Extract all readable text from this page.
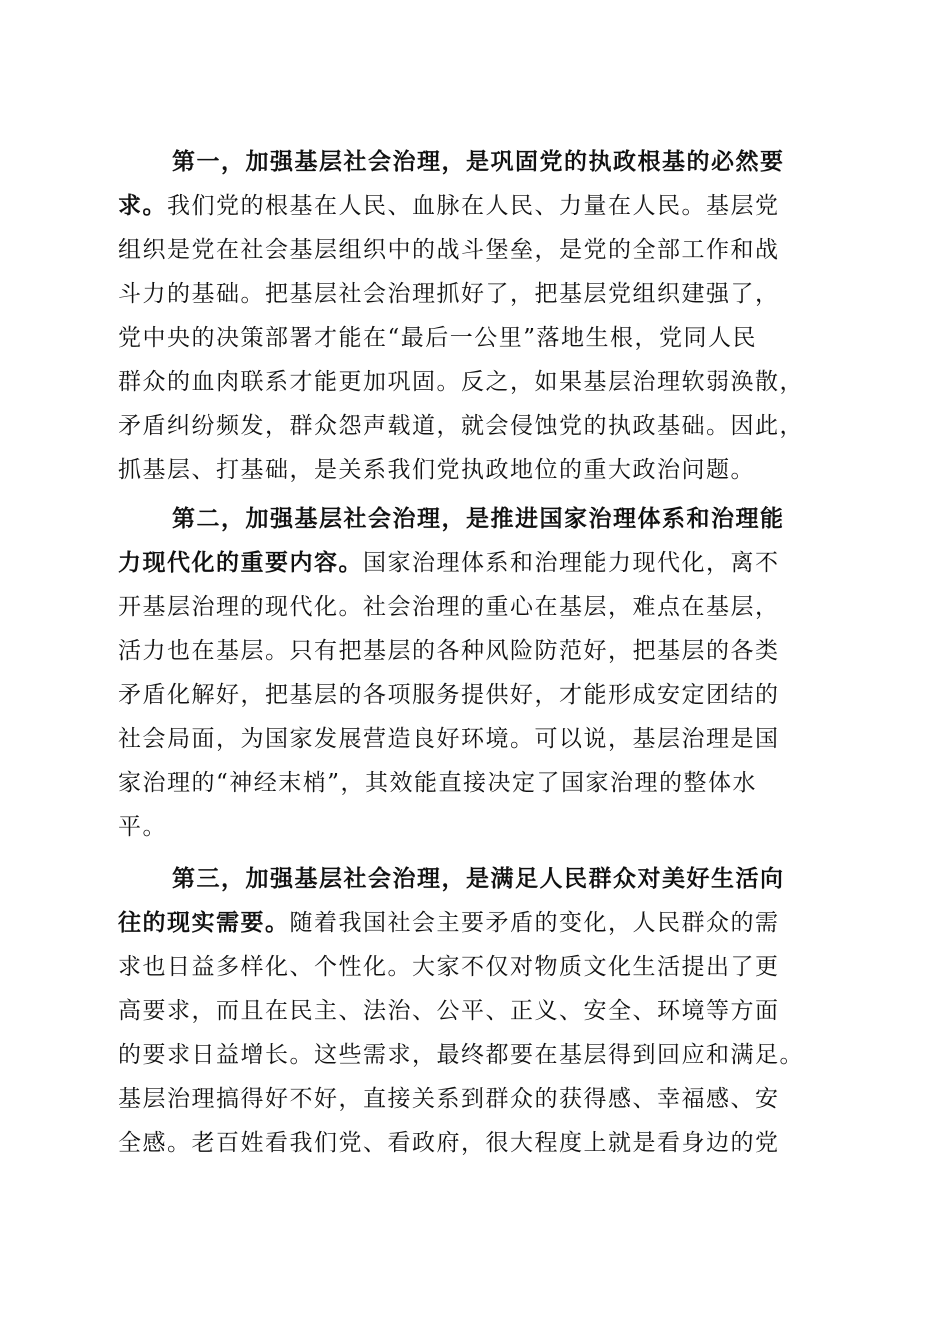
第一，加强基层社会治理，是巩固党的执政根基的必然要
求。我们党的根基在人民、血脉在人民、力量在人民。基层党
组织是党在社会基层组织中的战斗堡垒，是党的全部工作和战
斗力的基础。把基层社会治理抓好了，把基层党组织建强了，
党中央的决策部署才能在“最后一公里”落地生根，党同人民
群众的血肉联系才能更加巩固。反之，如果基层治理软弱涣散，
矛盾纠纷频发，群众怨声载道，就会侵蚀党的执政基础。因此，
抓基层、打基础，是关系我们党执政地位的重大政治问题。
第二，加强基层社会治理，是推进国家治理体系和治理能
力现代化的重要内容。国家治理体系和治理能力现代化，离不
开基层治理的现代化。社会治理的重心在基层，难点在基层，
活力也在基层。只有把基层的各种风险防范好，把基层的各类
矛盾化解好，把基层的各项服务提供好，才能形成安定团结的
社会局面，为国家发展营造良好环境。可以说，基层治理是国
家治理的“神经末梢”，其效能直接决定了国家治理的整体水
平。
第三，加强基层社会治理，是满足人民群众对美好生活向
往的现实需要。随着我国社会主要矛盾的变化，人民群众的需
求也日益多样化、个性化。大家不仅对物质文化生活提出了更
高要求，而且在民主、法治、公平、正义、安全、环境等方面
的要求日益增长。这些需求，最终都要在基层得到回应和满足。
基层治理搞得好不好，直接关系到群众的获得感、幸福感、安
全感。老百姓看我们党、看政府，很大程度上就是看身边的党
